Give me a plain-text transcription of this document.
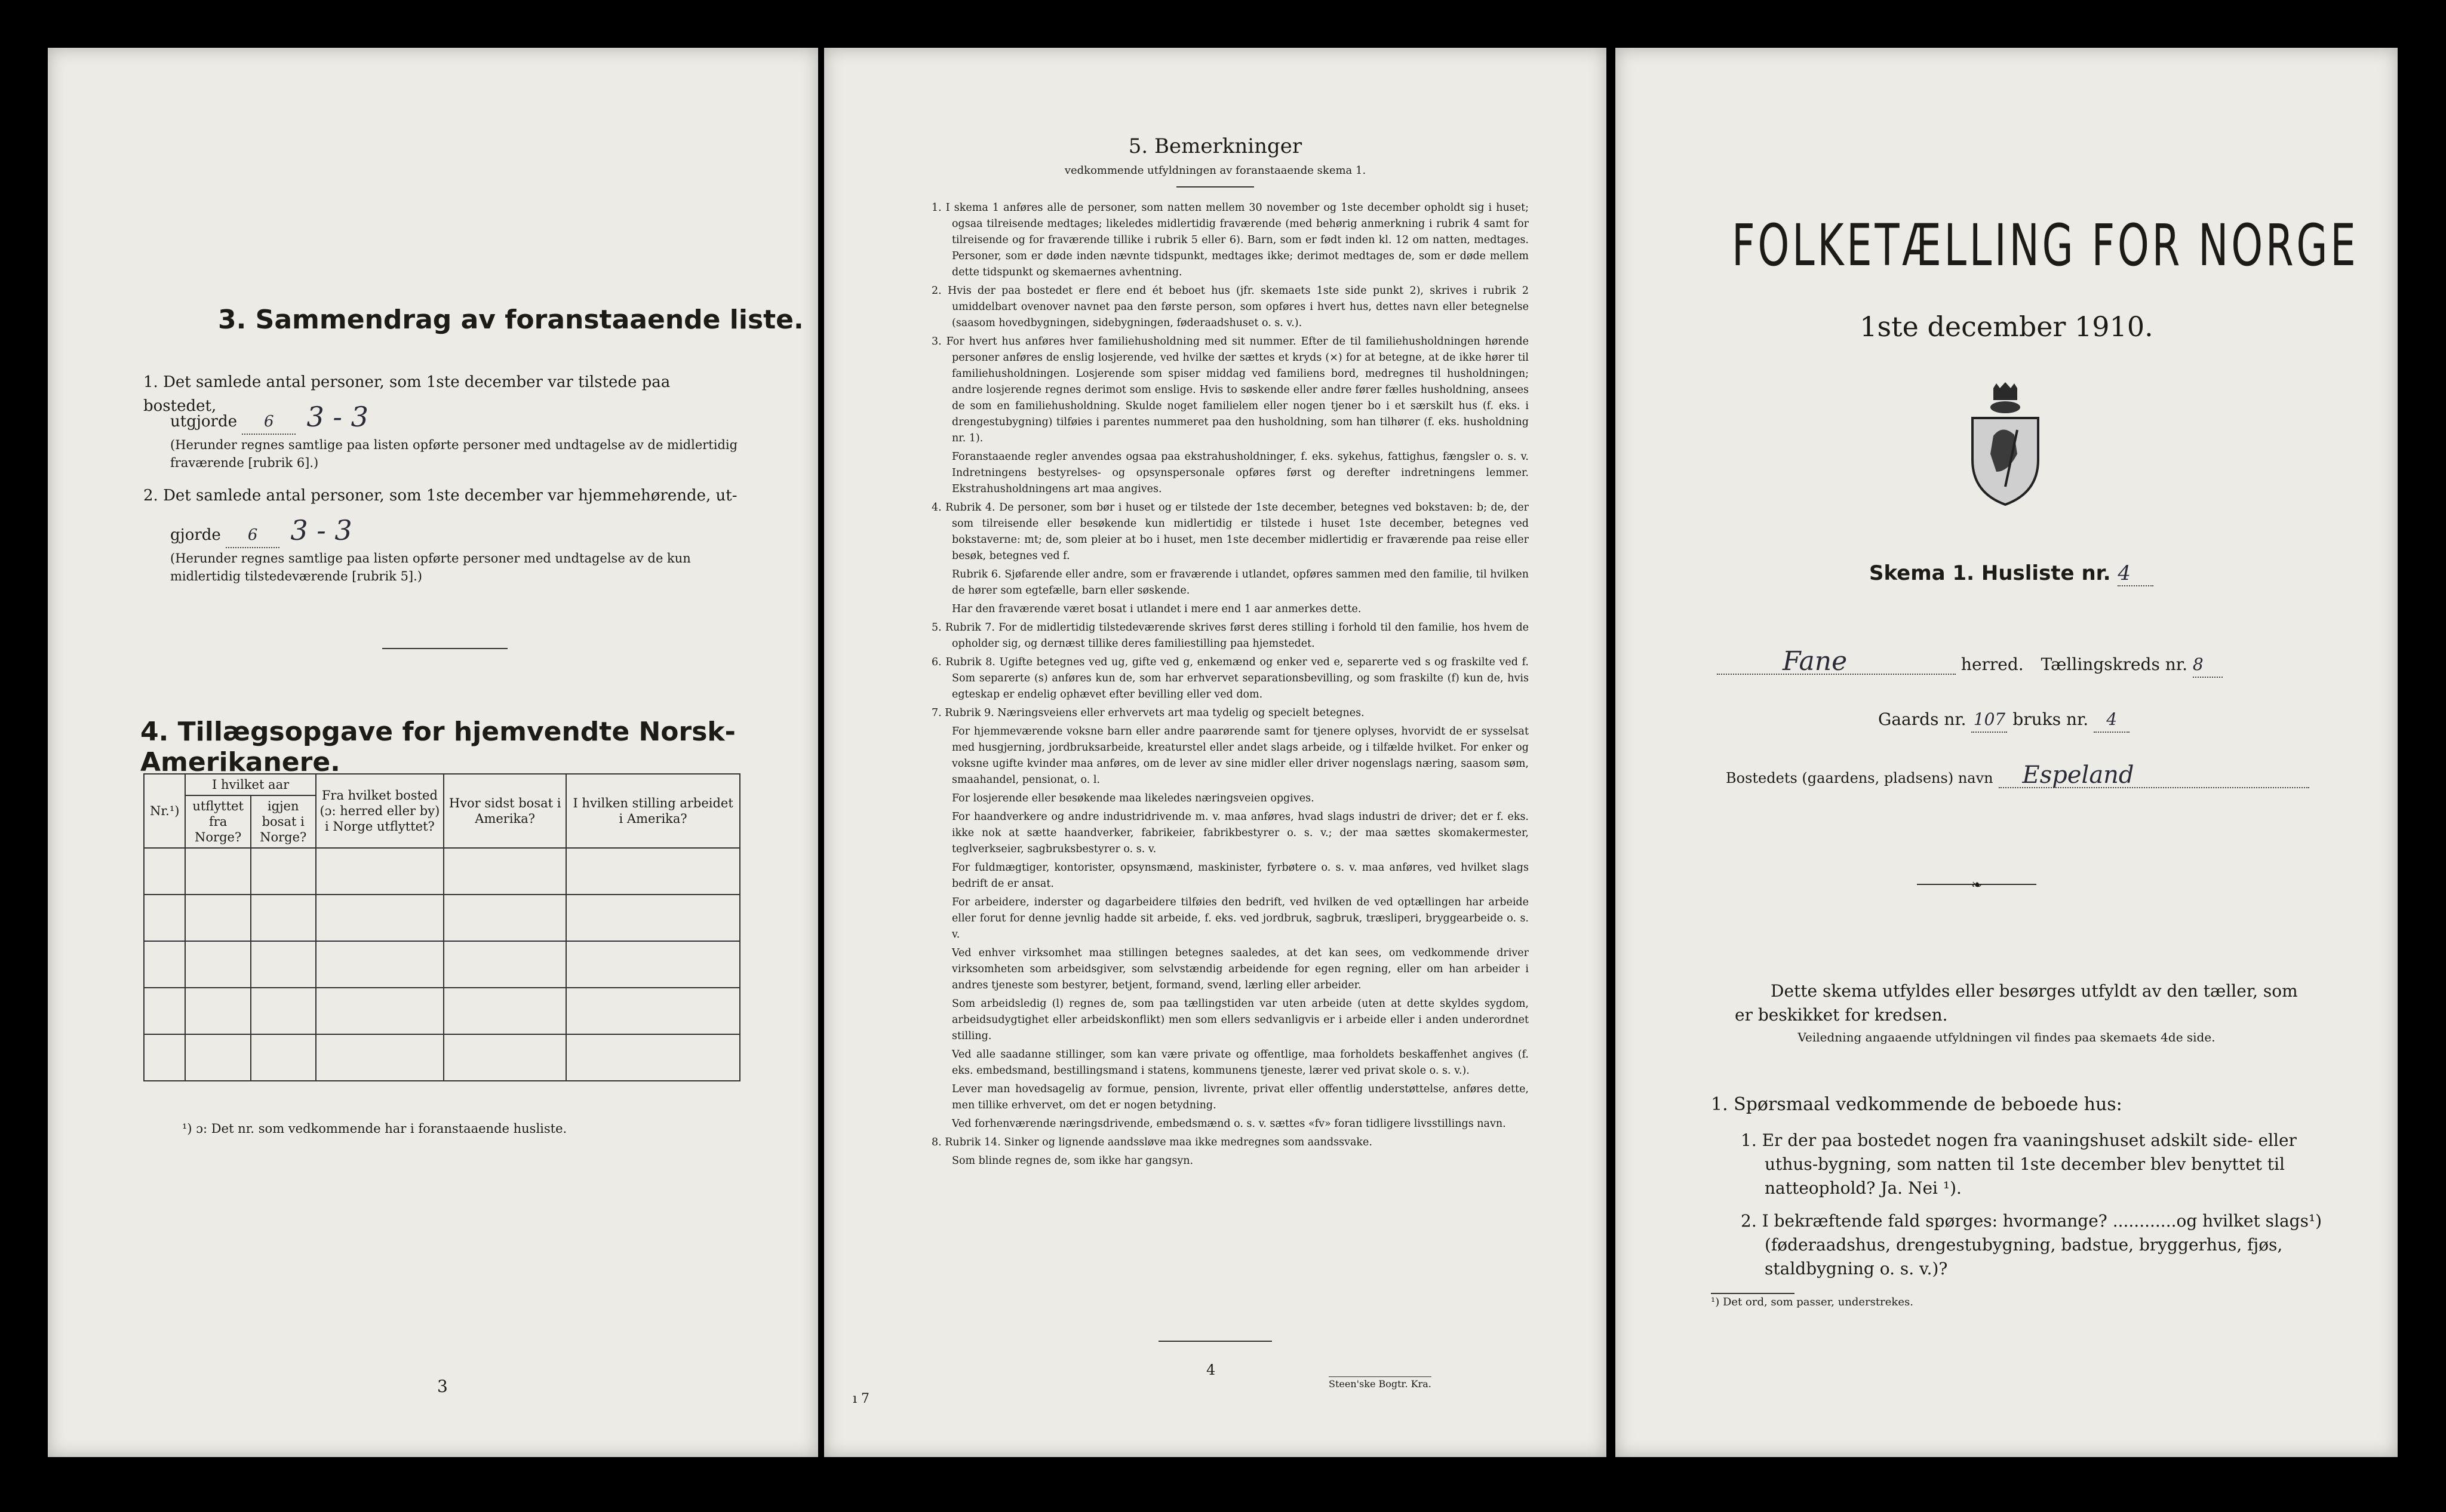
3. Sammendrag av foranstaaende liste.
1. Det samlede antal personer, som 1ste december var tilstede paa bostedet,
utgjorde 6 3 - 3
(Herunder regnes samtlige paa listen opførte personer med undtagelse av de midlertidig fraværende [rubrik 6].)
2. Det samlede antal personer, som 1ste december var hjemmehørende, ut-
gjorde 6 3 - 3
(Herunder regnes samtlige paa listen opførte personer med undtagelse av de kun midlertidig tilstedeværende [rubrik 5].)
4. Tillægsopgave for hjemvendte Norsk-Amerikanere.
Nr.¹)	I hvilket aar		Fra hvilket bosted (ɔ: herred eller by) i Norge utflyttet?	Hvor sidst bosat i Amerika?	I hvilken stilling arbeidet i Amerika?
	utflyttet fra Norge?	igjen bosat i Norge?			

¹) ɔ: Det nr. som vedkommende har i foranstaaende husliste.
3
5. Bemerkninger
vedkommende utfyldningen av foranstaaende skema 1.

1. I skema 1 anføres alle de personer, som natten mellem 30 november og 1ste december opholdt sig i huset; ogsaa tilreisende medtages; likeledes midlertidig fraværende (med behørig anmerkning i rubrik 4 samt for tilreisende og for fraværende tillike i rubrik 5 eller 6). Barn, som er født inden kl. 12 om natten, medtages. Personer, som er døde inden nævnte tidspunkt, medtages ikke; derimot medtages de, som er døde mellem dette tidspunkt og skemaernes avhentning.

2. Hvis der paa bostedet er flere end ét beboet hus (jfr. skemaets 1ste side punkt 2), skrives i rubrik 2 umiddelbart ovenover navnet paa den første person, som opføres i hvert hus, dettes navn eller betegnelse (saasom hovedbygningen, sidebygningen, føderaadshuset o. s. v.).

3. For hvert hus anføres hver familiehusholdning med sit nummer. Efter de til familiehusholdningen hørende personer anføres de enslig losjerende, ved hvilke der sættes et kryds (×) for at betegne, at de ikke hører til familiehusholdningen. Losjerende som spiser middag ved familiens bord, medregnes til husholdningen; andre losjerende regnes derimot som enslige. Hvis to søskende eller andre fører fælles husholdning, ansees de som en familiehusholdning. Skulde noget familielem eller nogen tjener bo i et særskilt hus (f. eks. i drengestubygning) tilføies i parentes nummeret paa den husholdning, som han tilhører (f. eks. husholdning nr. 1).

Foranstaaende regler anvendes ogsaa paa ekstrahusholdninger, f. eks. sykehus, fattighus, fængsler o. s. v. Indretningens bestyrelses- og opsynspersonale opføres først og derefter indretningens lemmer. Ekstrahusholdningens art maa angives.

4. Rubrik 4. De personer, som bør i huset og er tilstede der 1ste december, betegnes ved bokstaven: b; de, der som tilreisende eller besøkende kun midlertidig er tilstede i huset 1ste december, betegnes ved bokstaverne: mt; de, som pleier at bo i huset, men 1ste december midlertidig er fraværende paa reise eller besøk, betegnes ved f.

Rubrik 6. Sjøfarende eller andre, som er fraværende i utlandet, opføres sammen med den familie, til hvilken de hører som egtefælle, barn eller søskende.

Har den fraværende været bosat i utlandet i mere end 1 aar anmerkes dette.

5. Rubrik 7. For de midlertidig tilstedeværende skrives først deres stilling i forhold til den familie, hos hvem de opholder sig, og dernæst tillike deres familiestilling paa hjemstedet.

6. Rubrik 8. Ugifte betegnes ved ug, gifte ved g, enkemænd og enker ved e, separerte ved s og fraskilte ved f. Som separerte (s) anføres kun de, som har erhvervet separationsbevilling, og som fraskilte (f) kun de, hvis egteskap er endelig ophævet efter bevilling eller ved dom.

7. Rubrik 9. Næringsveiens eller erhvervets art maa tydelig og specielt betegnes.

For hjemmeværende voksne barn eller andre paarørende samt for tjenere oplyses, hvorvidt de er sysselsat med husgjerning, jordbruksarbeide, kreaturstel eller andet slags arbeide, og i tilfælde hvilket. For enker og voksne ugifte kvinder maa anføres, om de lever av sine midler eller driver nogenslags næring, saasom søm, smaahandel, pensionat, o. l.

For losjerende eller besøkende maa likeledes næringsveien opgives.

For haandverkere og andre industridrivende m. v. maa anføres, hvad slags industri de driver; det er f. eks. ikke nok at sætte haandverker, fabrikeier, fabrikbestyrer o. s. v.; der maa sættes skomakermester, teglverkseier, sagbruksbestyrer o. s. v.

For fuldmægtiger, kontorister, opsynsmænd, maskinister, fyrbøtere o. s. v. maa anføres, ved hvilket slags bedrift de er ansat.

For arbeidere, inderster og dagarbeidere tilføies den bedrift, ved hvilken de ved optællingen har arbeide eller forut for denne jevnlig hadde sit arbeide, f. eks. ved jordbruk, sagbruk, træsliperi, bryggearbeide o. s. v.

Ved enhver virksomhet maa stillingen betegnes saaledes, at det kan sees, om vedkommende driver virksomheten som arbeidsgiver, som selvstændig arbeidende for egen regning, eller om han arbeider i andres tjeneste som bestyrer, betjent, formand, svend, lærling eller arbeider.

Som arbeidsledig (l) regnes de, som paa tællingstiden var uten arbeide (uten at dette skyldes sygdom, arbeidsudygtighet eller arbeidskonflikt) men som ellers sedvanligvis er i arbeide eller i anden underordnet stilling.

Ved alle saadanne stillinger, som kan være private og offentlige, maa forholdets beskaffenhet angives (f. eks. embedsmand, bestillingsmand i statens, kommunens tjeneste, lærer ved privat skole o. s. v.).

Lever man hovedsagelig av formue, pension, livrente, privat eller offentlig understøttelse, anføres dette, men tillike erhvervet, om det er nogen betydning.

Ved forhenværende næringsdrivende, embedsmænd o. s. v. sættes «fv» foran tidligere livsstillings navn.

8. Rubrik 14. Sinker og lignende aandssløve maa ikke medregnes som aandssvake.

Som blinde regnes de, som ikke har gangsyn.

4
Steen'ske Bogtr. Kra.
ı 7
FOLKETÆLLING FOR NORGE
1ste december 1910.
Skema 1. Husliste nr. 4
Fane	herred. Tællingskreds nr. 8
Gaards nr. 107 bruks nr. 4
Bostedets (gaardens, pladsens) navn Espeland
❧
Dette skema utfyldes eller besørges utfyldt av den tæller, som er beskikket for kredsen.
Veiledning angaaende utfyldningen vil findes paa skemaets 4de side.
1. Spørsmaal vedkommende de beboede hus:
1. Er der paa bostedet nogen fra vaaningshuset adskilt side- eller uthus-bygning, som natten til 1ste december blev benyttet til natteophold? Ja. Nei ¹).
2. I bekræftende fald spørges: hvormange? ............og hvilket slags¹) (føderaadshus, drengestubygning, badstue, bryggerhus, fjøs, staldbygning o. s. v.)?
¹) Det ord, som passer, understrekes.
